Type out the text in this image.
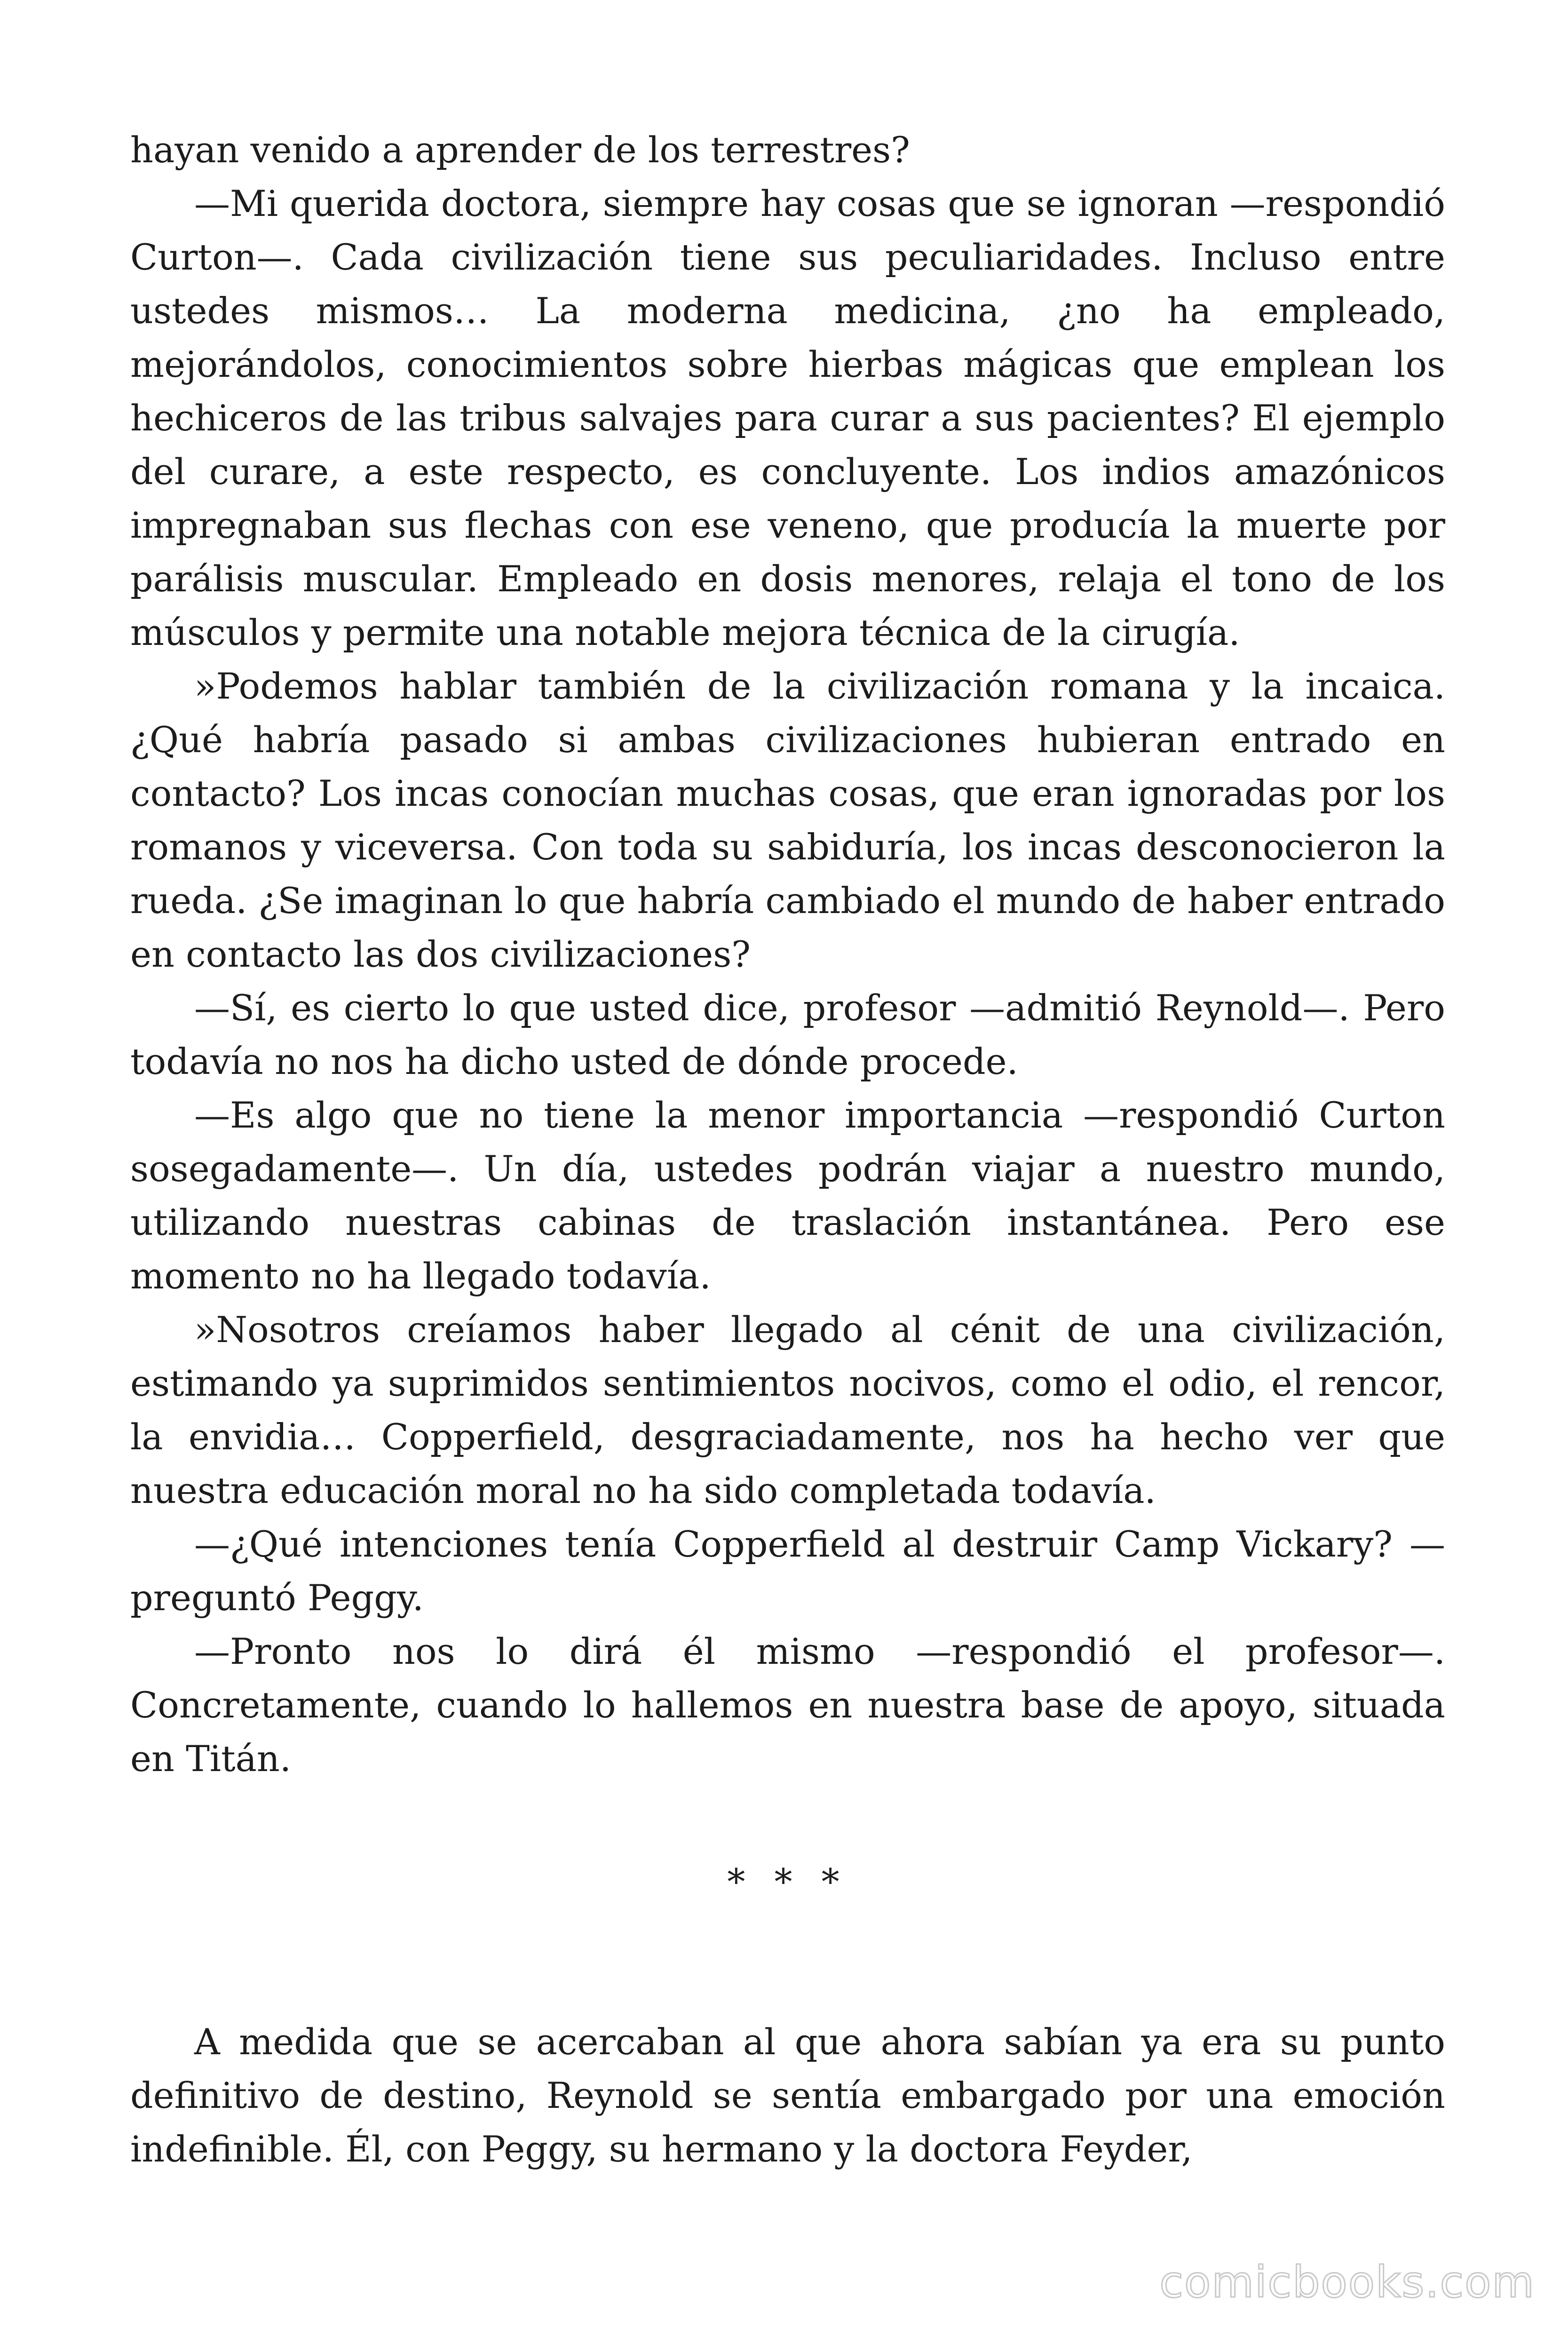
hayan venido a aprender de los terrestres?

—Mi querida doctora, siempre hay cosas que se ignoran —respondió Curton—. Cada civilización tiene sus peculiaridades. Incluso entre ustedes mismos… La moderna medicina, ¿no ha empleado, mejorándolos, conocimientos sobre hierbas mágicas que emplean los hechiceros de las tribus salvajes para curar a sus pacientes? El ejemplo del curare, a este respecto, es concluyente. Los indios amazónicos impregnaban sus flechas con ese veneno, que producía la muerte por parálisis muscular. Empleado en dosis menores, relaja el tono de los músculos y permite una notable mejora técnica de la cirugía.

»Podemos hablar también de la civilización romana y la incaica. ¿Qué habría pasado si ambas civilizaciones hubieran entrado en contacto? Los incas conocían muchas cosas, que eran ignoradas por los romanos y viceversa. Con toda su sabiduría, los incas desconocieron la rueda. ¿Se imaginan lo que habría cambiado el mundo de haber entrado en contacto las dos civilizaciones?

—Sí, es cierto lo que usted dice, profesor —admitió Reynold—. Pero todavía no nos ha dicho usted de dónde procede.

—Es algo que no tiene la menor importancia —respondió Curton sosegadamente—. Un día, ustedes podrán viajar a nuestro mundo, utilizando nuestras cabinas de traslación instantánea. Pero ese momento no ha llegado todavía.

»Nosotros creíamos haber llegado al cénit de una civilización, estimando ya suprimidos sentimientos nocivos, como el odio, el rencor, la envidia… Copperfield, desgraciadamente, nos ha hecho ver que nuestra educación moral no ha sido completada todavía.

—¿Qué intenciones tenía Copperfield al destruir Camp Vickary? —preguntó Peggy.

—Pronto nos lo dirá él mismo —respondió el profesor—. Concretamente, cuando lo hallemos en nuestra base de apoyo, situada en Titán.

* * *

A medida que se acercaban al que ahora sabían ya era su punto definitivo de destino, Reynold se sentía embargado por una emoción indefinible. Él, con Peggy, su hermano y la doctora Feyder,

comicbooks.com
